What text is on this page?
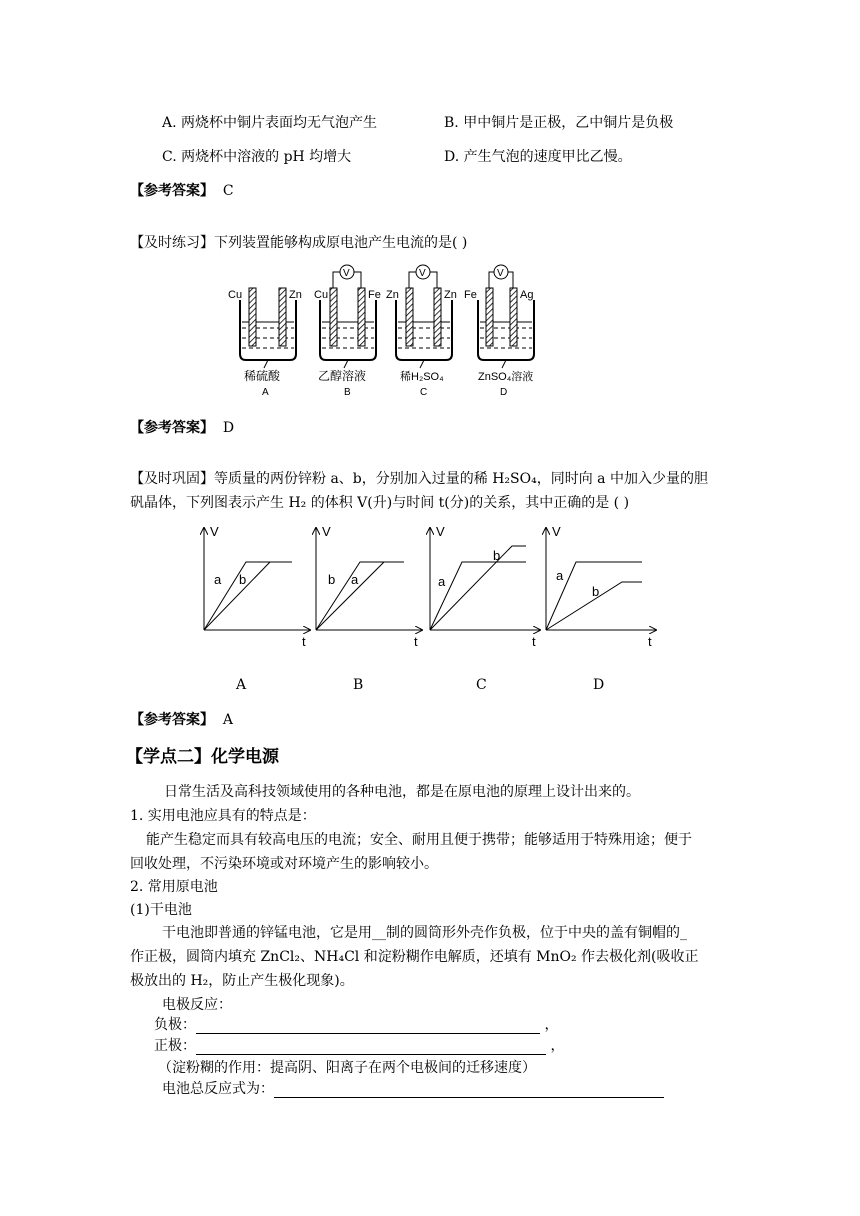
A. 两烧杯中铜片表面均无气泡产生	B. 甲中铜片是正极，乙中铜片是负极
C. 两烧杯中溶液的 pH 均增大	D. 产生气泡的速度甲比乙慢。
【参考答案】 C
【及时练习】下列装置能够构成原电池产生电流的是( )
Cu	Zn
稀硫酸
A
V
Cu	Fe
乙醇溶液
B
V
Zn	Zn
稀H₂SO₄
C
V
Fe	Ag
ZnSO₄溶液
D
【参考答案】 D
【及时巩固】等质量的两份锌粉 a、b，分别加入过量的稀 H₂SO₄，同时向 a 中加入少量的胆
矾晶体，下列图表示产生 H₂ 的体积 V(升)与时间 t(分)的关系，其中正确的是 ( )
V
t
a b
V
t
b a
V
t
a
b
V
t
a
b
A	B	C	D
【参考答案】 A
【学点二】化学电源
日常生活及高科技领域使用的各种电池，都是在原电池的原理上设计出来的。
1. 实用电池应具有的特点是：
能产生稳定而具有较高电压的电流；安全、耐用且便于携带；能够适用于特殊用途；便于
回收处理，不污染环境或对环境产生的影响较小。
2. 常用原电池
(1)干电池
干电池即普通的锌锰电池，它是用__制的圆筒形外壳作负极，位于中央的盖有铜帽的_
作正极，圆筒内填充 ZnCl₂、NH₄Cl 和淀粉糊作电解质，还填有 MnO₂ 作去极化剂(吸收正
极放出的 H₂，防止产生极化现象)。
电极反应：
负极：	，
正极：	，
（淀粉糊的作用：提高阴、阳离子在两个电极间的迁移速度）
电池总反应式为：
